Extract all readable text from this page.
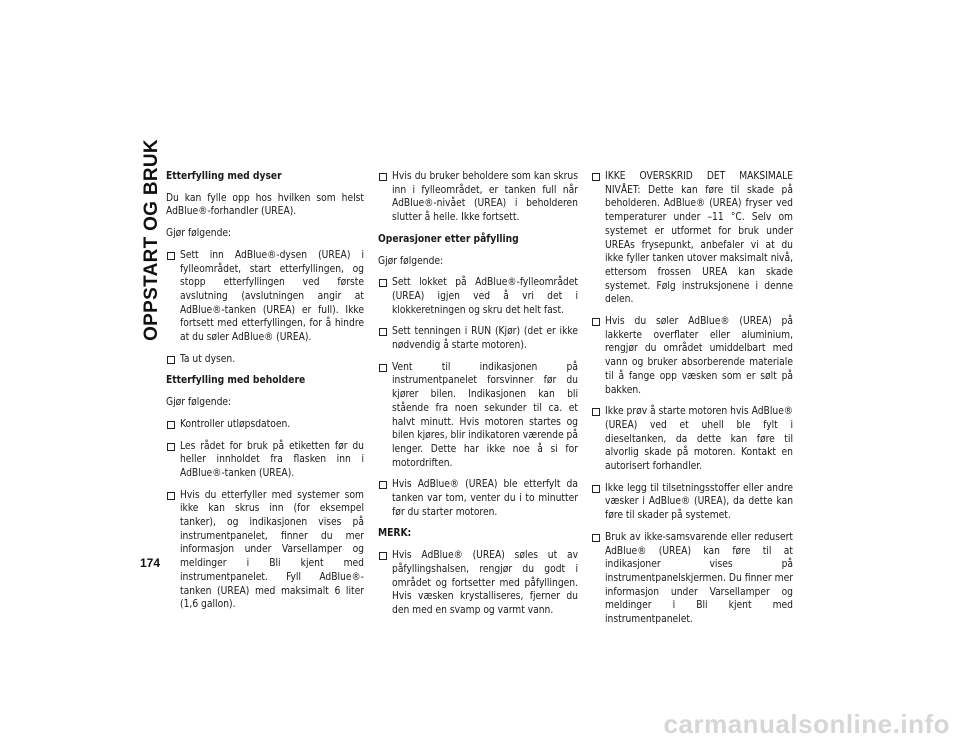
OPPSTART OG BRUK
174
Etterfylling med dyser

Du kan fylle opp hos hvilken som helst AdBlue®-forhandler (UREA).

Gjør følgende:

Sett inn AdBlue®-dysen (UREA) i fylleområdet, start etterfyllingen, og stopp etterfyllingen ved første avslutning (avslutningen angir at AdBlue®-tanken (UREA) er full). Ikke fortsett med etterfyllingen, for å hindre at du søler AdBlue® (UREA).
Ta ut dysen.
Etterfylling med beholdere

Gjør følgende:

Kontroller utløpsdatoen.
Les rådet for bruk på etiketten før du heller innholdet fra flasken inn i AdBlue®-tanken (UREA).
Hvis du etterfyller med systemer som ikke kan skrus inn (for eksempel tanker), og indikasjonen vises på instrumentpanelet, finner du mer informasjon under Varsellamper og meldinger i Bli kjent med instrumentpanelet. Fyll AdBlue®-tanken (UREA) med maksimalt 6 liter (1,6 gallon).
Hvis du bruker beholdere som kan skrus inn i fylleområdet, er tanken full når AdBlue®-nivået (UREA) i beholderen slutter å helle. Ikke fortsett.
Operasjoner etter påfylling

Gjør følgende:

Sett lokket på AdBlue®-fylleområdet (UREA) igjen ved å vri det i klokkeretningen og skru det helt fast.
Sett tenningen i RUN (Kjør) (det er ikke nødvendig å starte motoren).
Vent til indikasjonen på instrumentpanelet forsvinner før du kjører bilen. Indikasjonen kan bli stående fra noen sekunder til ca. et halvt minutt. Hvis motoren startes og bilen kjøres, blir indikatoren værende på lenger. Dette har ikke noe å si for motordriften.
Hvis AdBlue® (UREA) ble etterfylt da tanken var tom, venter du i to minutter før du starter motoren.
MERK:
Hvis AdBlue® (UREA) søles ut av påfyllingshalsen, rengjør du godt i området og fortsetter med påfyllingen. Hvis væsken krystalliseres, fjerner du den med en svamp og varmt vann.
IKKE OVERSKRID DET MAKSIMALE NIVÅET: Dette kan føre til skade på beholderen. AdBlue® (UREA) fryser ved temperaturer under –11 °C. Selv om systemet er utformet for bruk under UREAs frysepunkt, anbefaler vi at du ikke fyller tanken utover maksimalt nivå, ettersom frossen UREA kan skade systemet. Følg instruksjonene i denne delen.
Hvis du søler AdBlue® (UREA) på lakkerte overflater eller aluminium, rengjør du området umiddelbart med vann og bruker absorberende materiale til å fange opp væsken som er sølt på bakken.
Ikke prøv å starte motoren hvis AdBlue® (UREA) ved et uhell ble fylt i dieseltanken, da dette kan føre til alvorlig skade på motoren. Kontakt en autorisert forhandler.
Ikke legg til tilsetningsstoffer eller andre væsker i AdBlue® (UREA), da dette kan føre til skader på systemet.
Bruk av ikke-samsvarende eller redusert AdBlue® (UREA) kan føre til at indikasjoner vises på instrumentpanelskjermen. Du finner mer informasjon under Varsellamper og meldinger i Bli kjent med instrumentpanelet.
carmanualsonline.info
